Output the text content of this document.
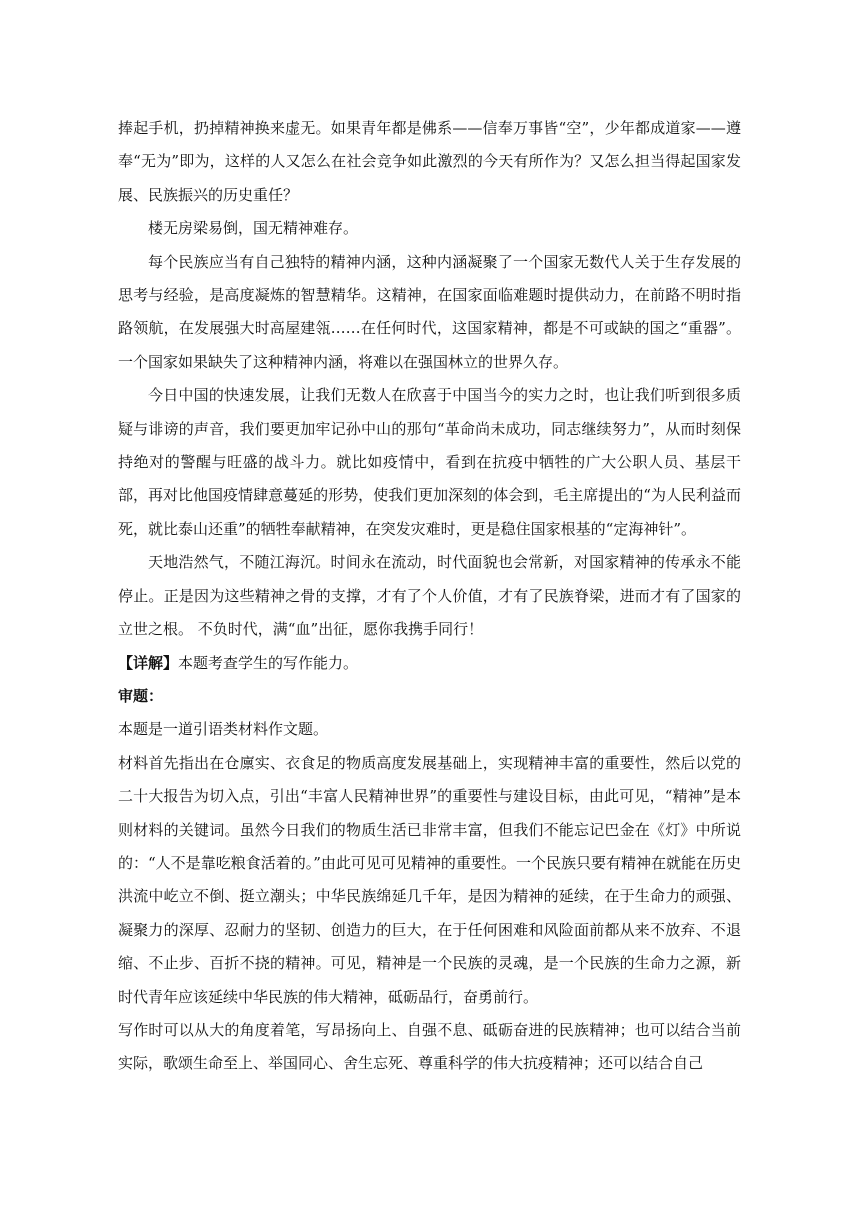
捧起手机，扔掉精神换来虚无。如果青年都是佛系——信奉万事皆“空”，少年都成道家——遵奉“无为”即为，这样的人又怎么在社会竞争如此激烈的今天有所作为？又怎么担当得起国家发展、民族振兴的历史重任？

楼无房梁易倒，国无精神难存。

每个民族应当有自己独特的精神内涵，这种内涵凝聚了一个国家无数代人关于生存发展的思考与经验，是高度凝炼的智慧精华。这精神，在国家面临难题时提供动力，在前路不明时指路领航，在发展强大时高屋建瓴……在任何时代，这国家精神，都是不可或缺的国之“重器”。一个国家如果缺失了这种精神内涵，将难以在强国林立的世界久存。

今日中国的快速发展，让我们无数人在欣喜于中国当今的实力之时，也让我们听到很多质疑与诽谤的声音，我们要更加牢记孙中山的那句“革命尚未成功，同志继续努力”，从而时刻保持绝对的警醒与旺盛的战斗力。就比如疫情中，看到在抗疫中牺牲的广大公职人员、基层干部，再对比他国疫情肆意蔓延的形势，使我们更加深刻的体会到，毛主席提出的“为人民利益而死，就比泰山还重”的牺牲奉献精神，在突发灾难时，更是稳住国家根基的“定海神针”。

天地浩然气，不随江海沉。时间永在流动，时代面貌也会常新，对国家精神的传承永不能停止。正是因为这些精神之骨的支撑，才有了个人价值，才有了民族脊梁，进而才有了国家的立世之根。 不负时代，满“血”出征，愿你我携手同行！

【详解】本题考查学生的写作能力。

审题：

本题是一道引语类材料作文题。

材料首先指出在仓廪实、衣食足的物质高度发展基础上，实现精神丰富的重要性，然后以党的二十大报告为切入点，引出“丰富人民精神世界”的重要性与建设目标，由此可见，“精神”是本则材料的关键词。虽然今日我们的物质生活已非常丰富，但我们不能忘记巴金在《灯》中所说的：“人不是靠吃粮食活着的。”由此可见可见精神的重要性。一个民族只要有精神在就能在历史洪流中屹立不倒、挺立潮头；中华民族绵延几千年，是因为精神的延续，在于生命力的顽强、凝聚力的深厚、忍耐力的坚韧、创造力的巨大，在于任何困难和风险面前都从来不放弃、不退缩、不止步、百折不挠的精神。可见，精神是一个民族的灵魂，是一个民族的生命力之源，新时代青年应该延续中华民族的伟大精神，砥砺品行，奋勇前行。

写作时可以从大的角度着笔，写昂扬向上、自强不息、砥砺奋进的民族精神；也可以结合当前实际，歌颂生命至上、举国同心、舍生忘死、尊重科学的伟大抗疫精神；还可以结合自己
